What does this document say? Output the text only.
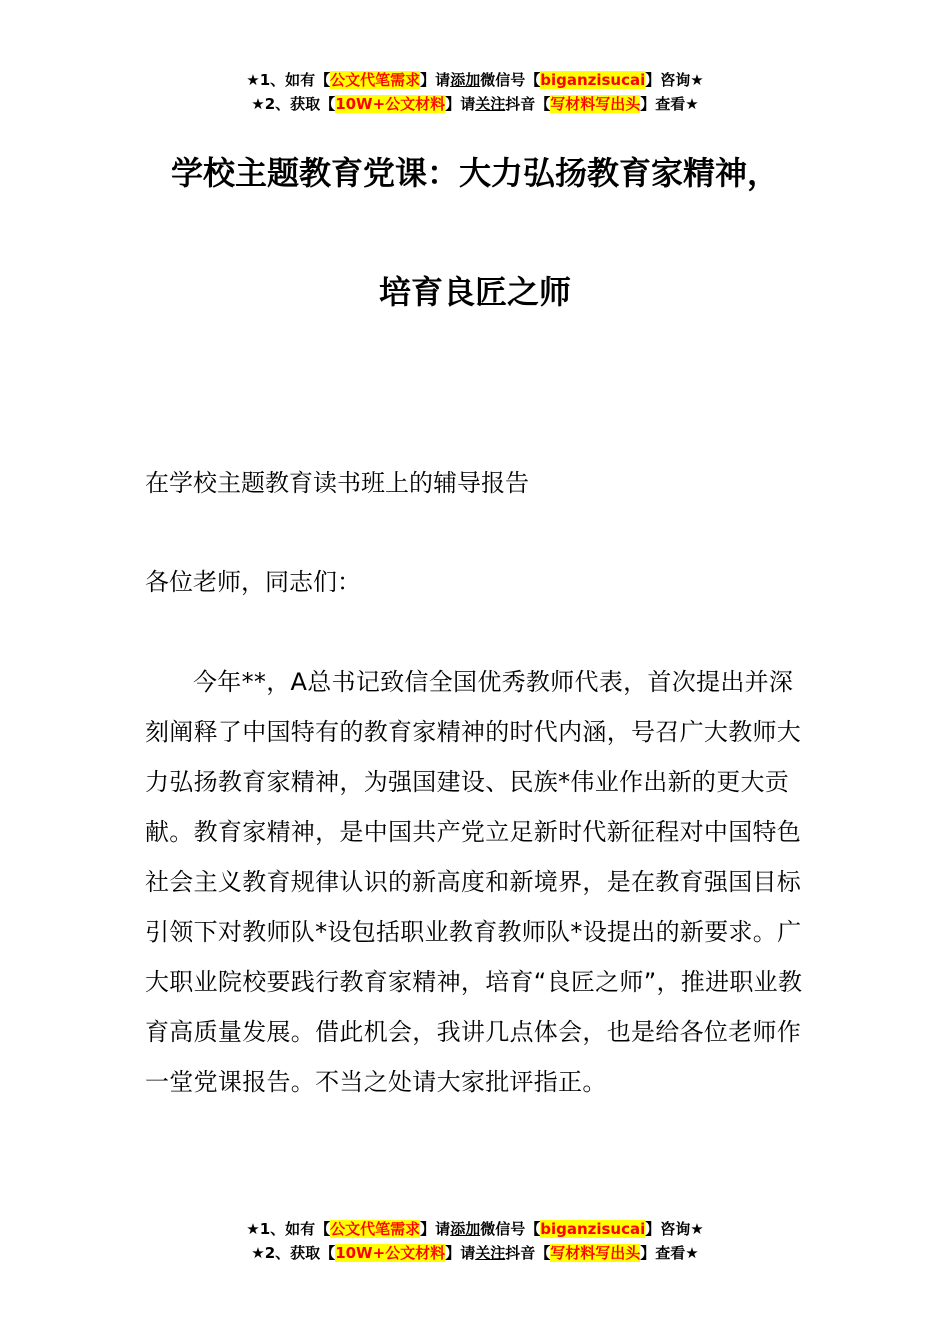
★1、如有【公文代笔需求】请添加微信号【biganzisucai】咨询★
★2、获取【10W+公文材料】请关注抖音【写材料写出头】查看★
学校主题教育党课：大力弘扬教育家精神，
培育良匠之师
在学校主题教育读书班上的辅导报告
各位老师，同志们：
今年**，A总书记致信全国优秀教师代表，首次提出并深刻阐释了中国特有的教育家精神的时代内涵，号召广大教师大力弘扬教育家精神，为强国建设、民族*伟业作出新的更大贡献。教育家精神，是中国共产党立足新时代新征程对中国特色社会主义教育规律认识的新高度和新境界，是在教育强国目标引领下对教师队*设包括职业教育教师队*设提出的新要求。广大职业院校要践行教育家精神，培育“良匠之师”，推进职业教育高质量发展。借此机会，我讲几点体会，也是给各位老师作一堂党课报告。不当之处请大家批评指正。
★1、如有【公文代笔需求】请添加微信号【biganzisucai】咨询★
★2、获取【10W+公文材料】请关注抖音【写材料写出头】查看★
